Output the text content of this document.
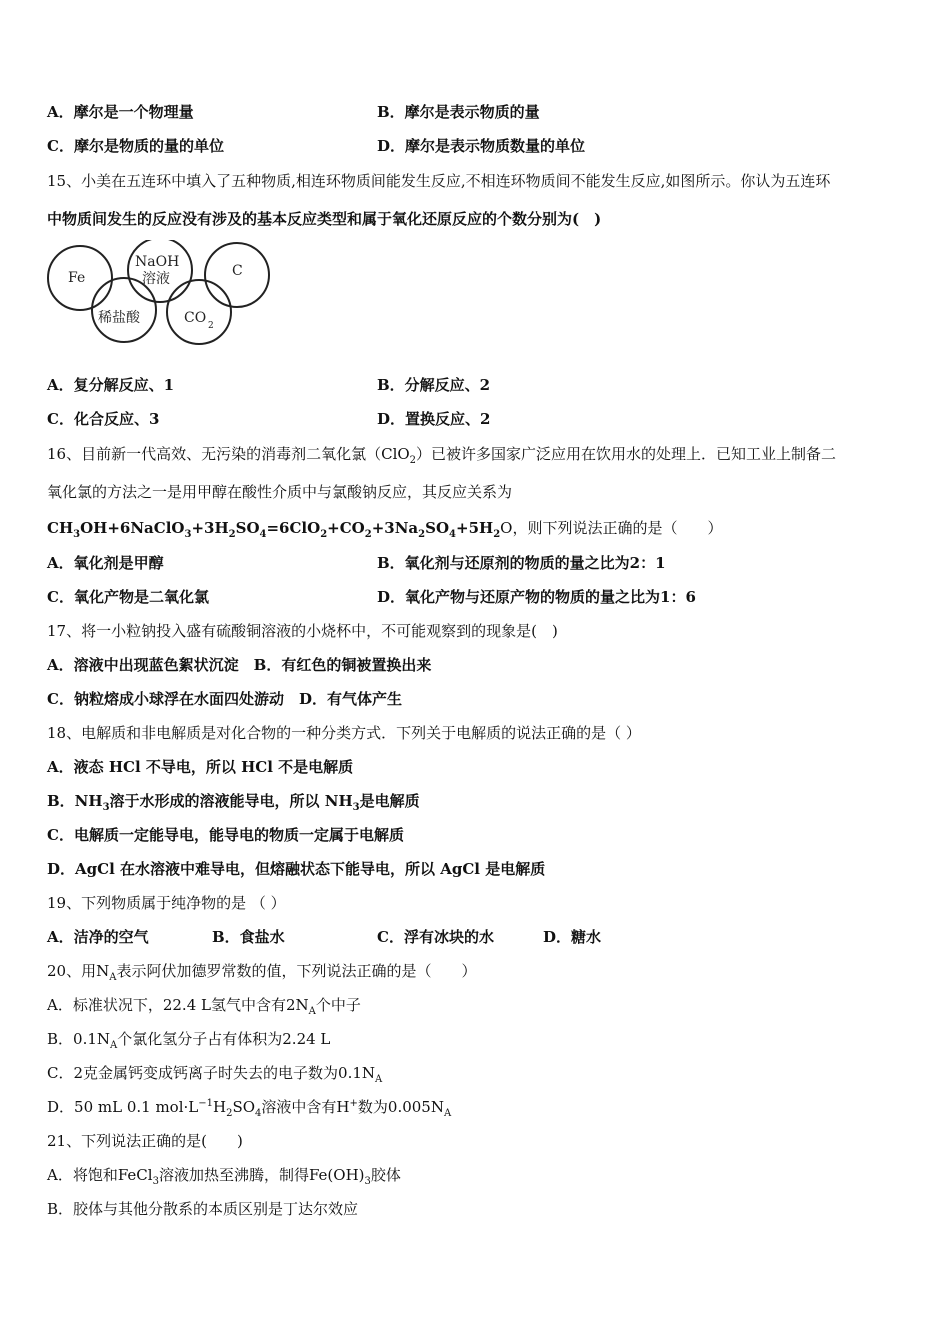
A．摩尔是一个物理量	B．摩尔是表示物质的量
C．摩尔是物质的量的单位	D．摩尔是表示物质数量的单位
15、小美在五连环中填入了五种物质,相连环物质间能发生反应,不相连环物质间不能发生反应,如图所示。你认为五连环
中物质间发生的反应没有涉及的基本反应类型和属于氧化还原反应的个数分别为(　)
Fe
NaOH
溶液	C
稀盐酸	CO 2
A．复分解反应、1	B．分解反应、2
C．化合反应、3	D．置换反应、2
16、目前新一代高效、无污染的消毒剂二氧化氯（ClO$_2$）已被许多国家广泛应用在饮用水的处理上．已知工业上制备二
氧化氯的方法之一是用甲醇在酸性介质中与氯酸钠反应，其反应关系为
$CH_3OH+6NaClO_3+3H_2SO_4=6ClO_2+CO_2+3Na_2SO_4+5H_2O$，则下列说法正确的是（　　）
A．氧化剂是甲醇	B．氧化剂与还原剂的物质的量之比为2：1
C．氧化产物是二氧化氯	D．氧化产物与还原产物的物质的量之比为1：6
17、将一小粒钠投入盛有硫酸铜溶液的小烧杯中，不可能观察到的现象是(　)
A．溶液中出现蓝色絮状沉淀　B．有红色的铜被置换出来
C．钠粒熔成小球浮在水面四处游动　D．有气体产生
18、电解质和非电解质是对化合物的一种分类方式．下列关于电解质的说法正确的是（ ）
A．液态 HCl 不导电，所以 HCl 不是电解质
B．$NH_3$溶于水形成的溶液能导电，所以 $NH_3$是电解质
C．电解质一定能导电，能导电的物质一定属于电解质
D．AgCl 在水溶液中难导电，但熔融状态下能导电，所以 AgCl 是电解质
19、下列物质属于纯净物的是 （ ）
A．洁净的空气	B．食盐水	C．浮有冰块的水	D．糖水
20、用$N_A$表示阿伏加德罗常数的值，下列说法正确的是（　　）
A．标准状况下，22.4 L氢气中含有$2N_A$个中子
B．$0.1N_A$个氯化氢分子占有体积为2.24 L
C．2克金属钙变成钙离子时失去的电子数为$0.1N_A$
D．50 mL 0.1 $mol\cdot L^{-1}H_2SO_4$溶液中含有H+数为$0.005N_A$
21、下列说法正确的是(　　)
A．将饱和FeCl$_3$溶液加热至沸腾，制得$Fe(OH)_3$胶体
B．胶体与其他分散系的本质区别是丁达尔效应
